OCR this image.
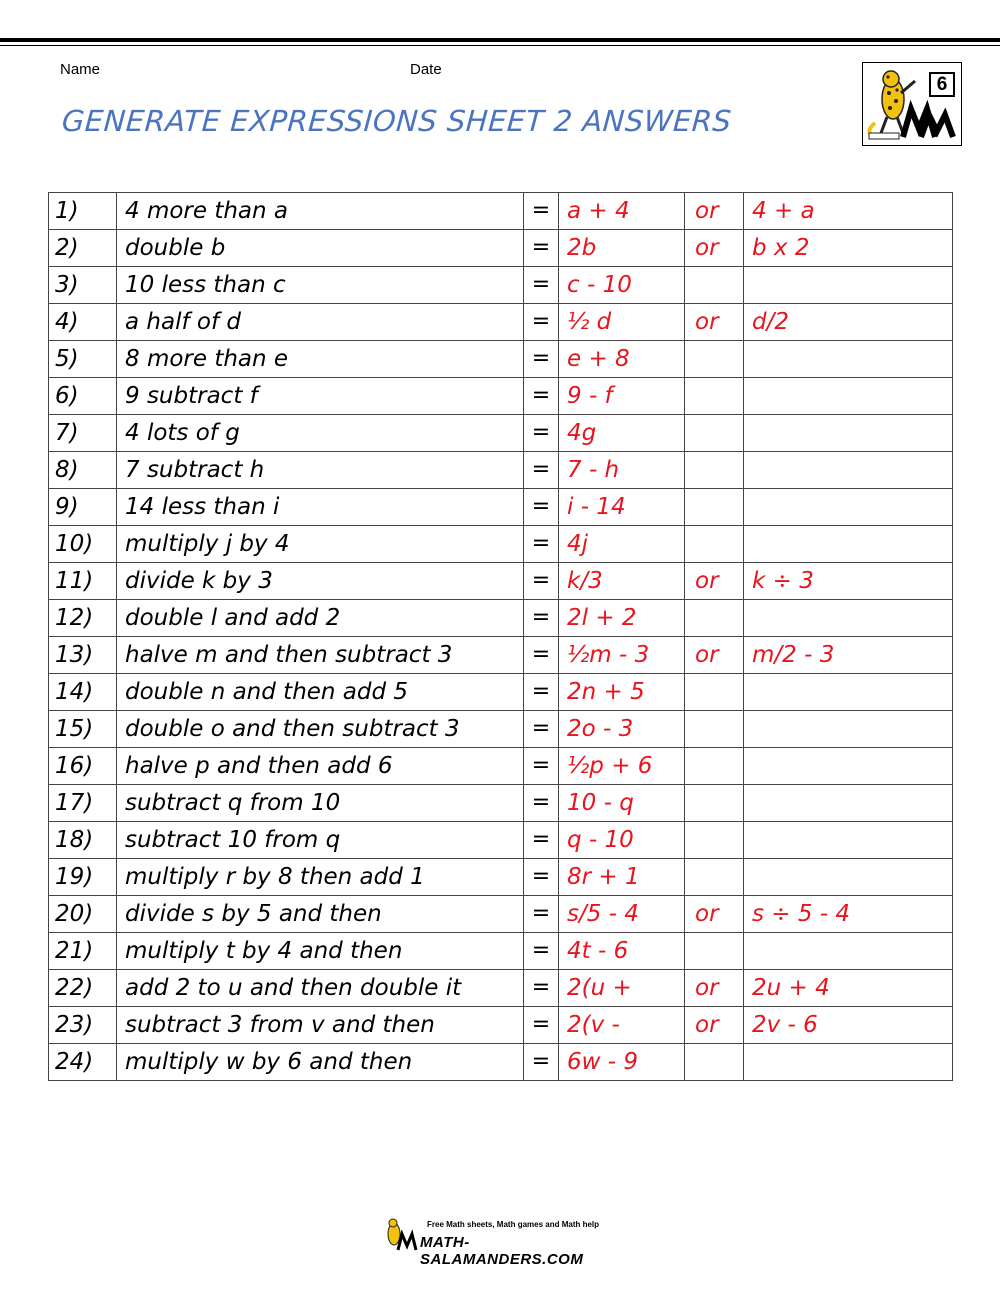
Name	Date
GENERATE EXPRESSIONS SHEET 2 ANSWERS
6
1)	4 more than a	=	a + 4	or	4 + a
2)	double b	=	2b	or	b x 2
3)	10 less than c	=	c - 10		
4)	a half of d	=	½ d	or	d/2
5)	8 more than e	=	e + 8		
6)	9 subtract f	=	9 - f		
7)	4 lots of g	=	4g		
8)	7 subtract h	=	7 - h		
9)	14 less than i	=	i - 14		
10)	multiply j by 4	=	4j		
11)	divide k by 3	=	k/3	or	k ÷ 3
12)	double l and add 2	=	2l + 2		
13)	halve m and then subtract 3	=	½m - 3	or	m/2 - 3
14)	double n and then add 5	=	2n + 5		
15)	double o and then subtract 3	=	2o - 3		
16)	halve p and then add 6	=	½p + 6		
17)	subtract q from 10	=	10 - q		
18)	subtract 10 from q	=	q - 10		
19)	multiply r by 8 then add 1	=	8r + 1		
20)	divide s by 5 and then	=	s/5 - 4	or	s ÷ 5 - 4
21)	multiply t by 4 and then	=	4t - 6		
22)	add 2 to u and then double it	=	2(u +	or	2u + 4
23)	subtract 3 from v and then	=	2(v -	or	2v - 6
24)	multiply w by 6 and then	=	6w - 9		
Free Math sheets, Math games and Math help
MATH-SALAMANDERS.COM
